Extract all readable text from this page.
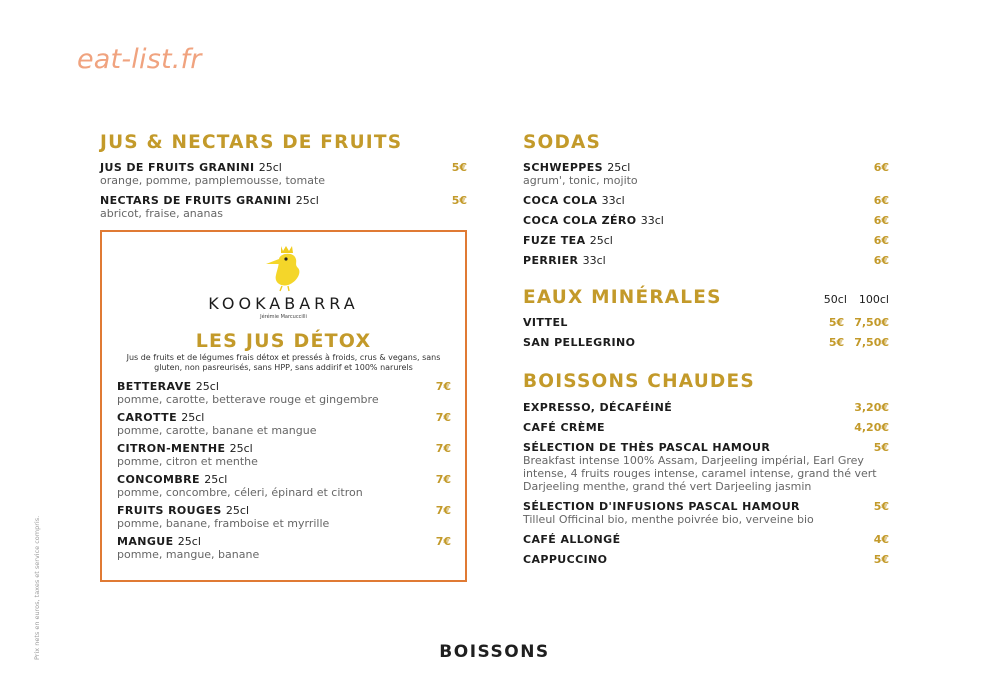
eat-list.fr
Prix nets en euros, taxes et service compris.	BOISSONS
JUS & NECTARS DE FRUITS
JUS DE FRUITS GRANINI 25cl	5€
orange, pomme, pamplemousse, tomate
NECTARS DE FRUITS GRANINI 25cl	5€
abricot, fraise, ananas
KOOKABARRA
Jérémie Marcuccilli
LES JUS DÉTOX
Jus de fruits et de légumes frais détox et pressés à froids, crus & vegans, sans gluten, non pasreurisés, sans HPP, sans addirif et 100% narurels
BETTERAVE 25cl	7€
pomme, carotte, betterave rouge et gingembre
CAROTTE 25cl	7€
pomme, carotte, banane et mangue
CITRON-MENTHE 25cl	7€
pomme, citron et menthe
CONCOMBRE 25cl	7€
pomme, concombre, céleri, épinard et citron
FRUITS ROUGES 25cl	7€
pomme, banane, framboise et myrrille
MANGUE 25cl	7€
pomme, mangue, banane
SODAS
SCHWEPPES 25cl	6€
agrum', tonic, mojito
COCA COLA 33cl	6€
COCA COLA ZÉRO 33cl	6€
FUZE TEA 25cl	6€
PERRIER 33cl	6€
EAUX MINÉRALES	50cl 100cl
VITTEL	5€ 7,50€
SAN PELLEGRINO	5€ 7,50€
BOISSONS CHAUDES
EXPRESSO, DÉCAFÉINÉ	3,20€
CAFÉ CRÈME	4,20€
SÉLECTION DE THÈS PASCAL HAMOUR	5€
Breakfast intense 100% Assam, Darjeeling impérial, Earl Grey intense, 4 fruits rouges intense, caramel intense, grand thé vert Darjeeling menthe, grand thé vert Darjeeling jasmin
SÉLECTION D'INFUSIONS PASCAL HAMOUR	5€
Tilleul Officinal bio, menthe poivrée bio, verveine bio
CAFÉ ALLONGÉ	4€
CAPPUCCINO	5€
